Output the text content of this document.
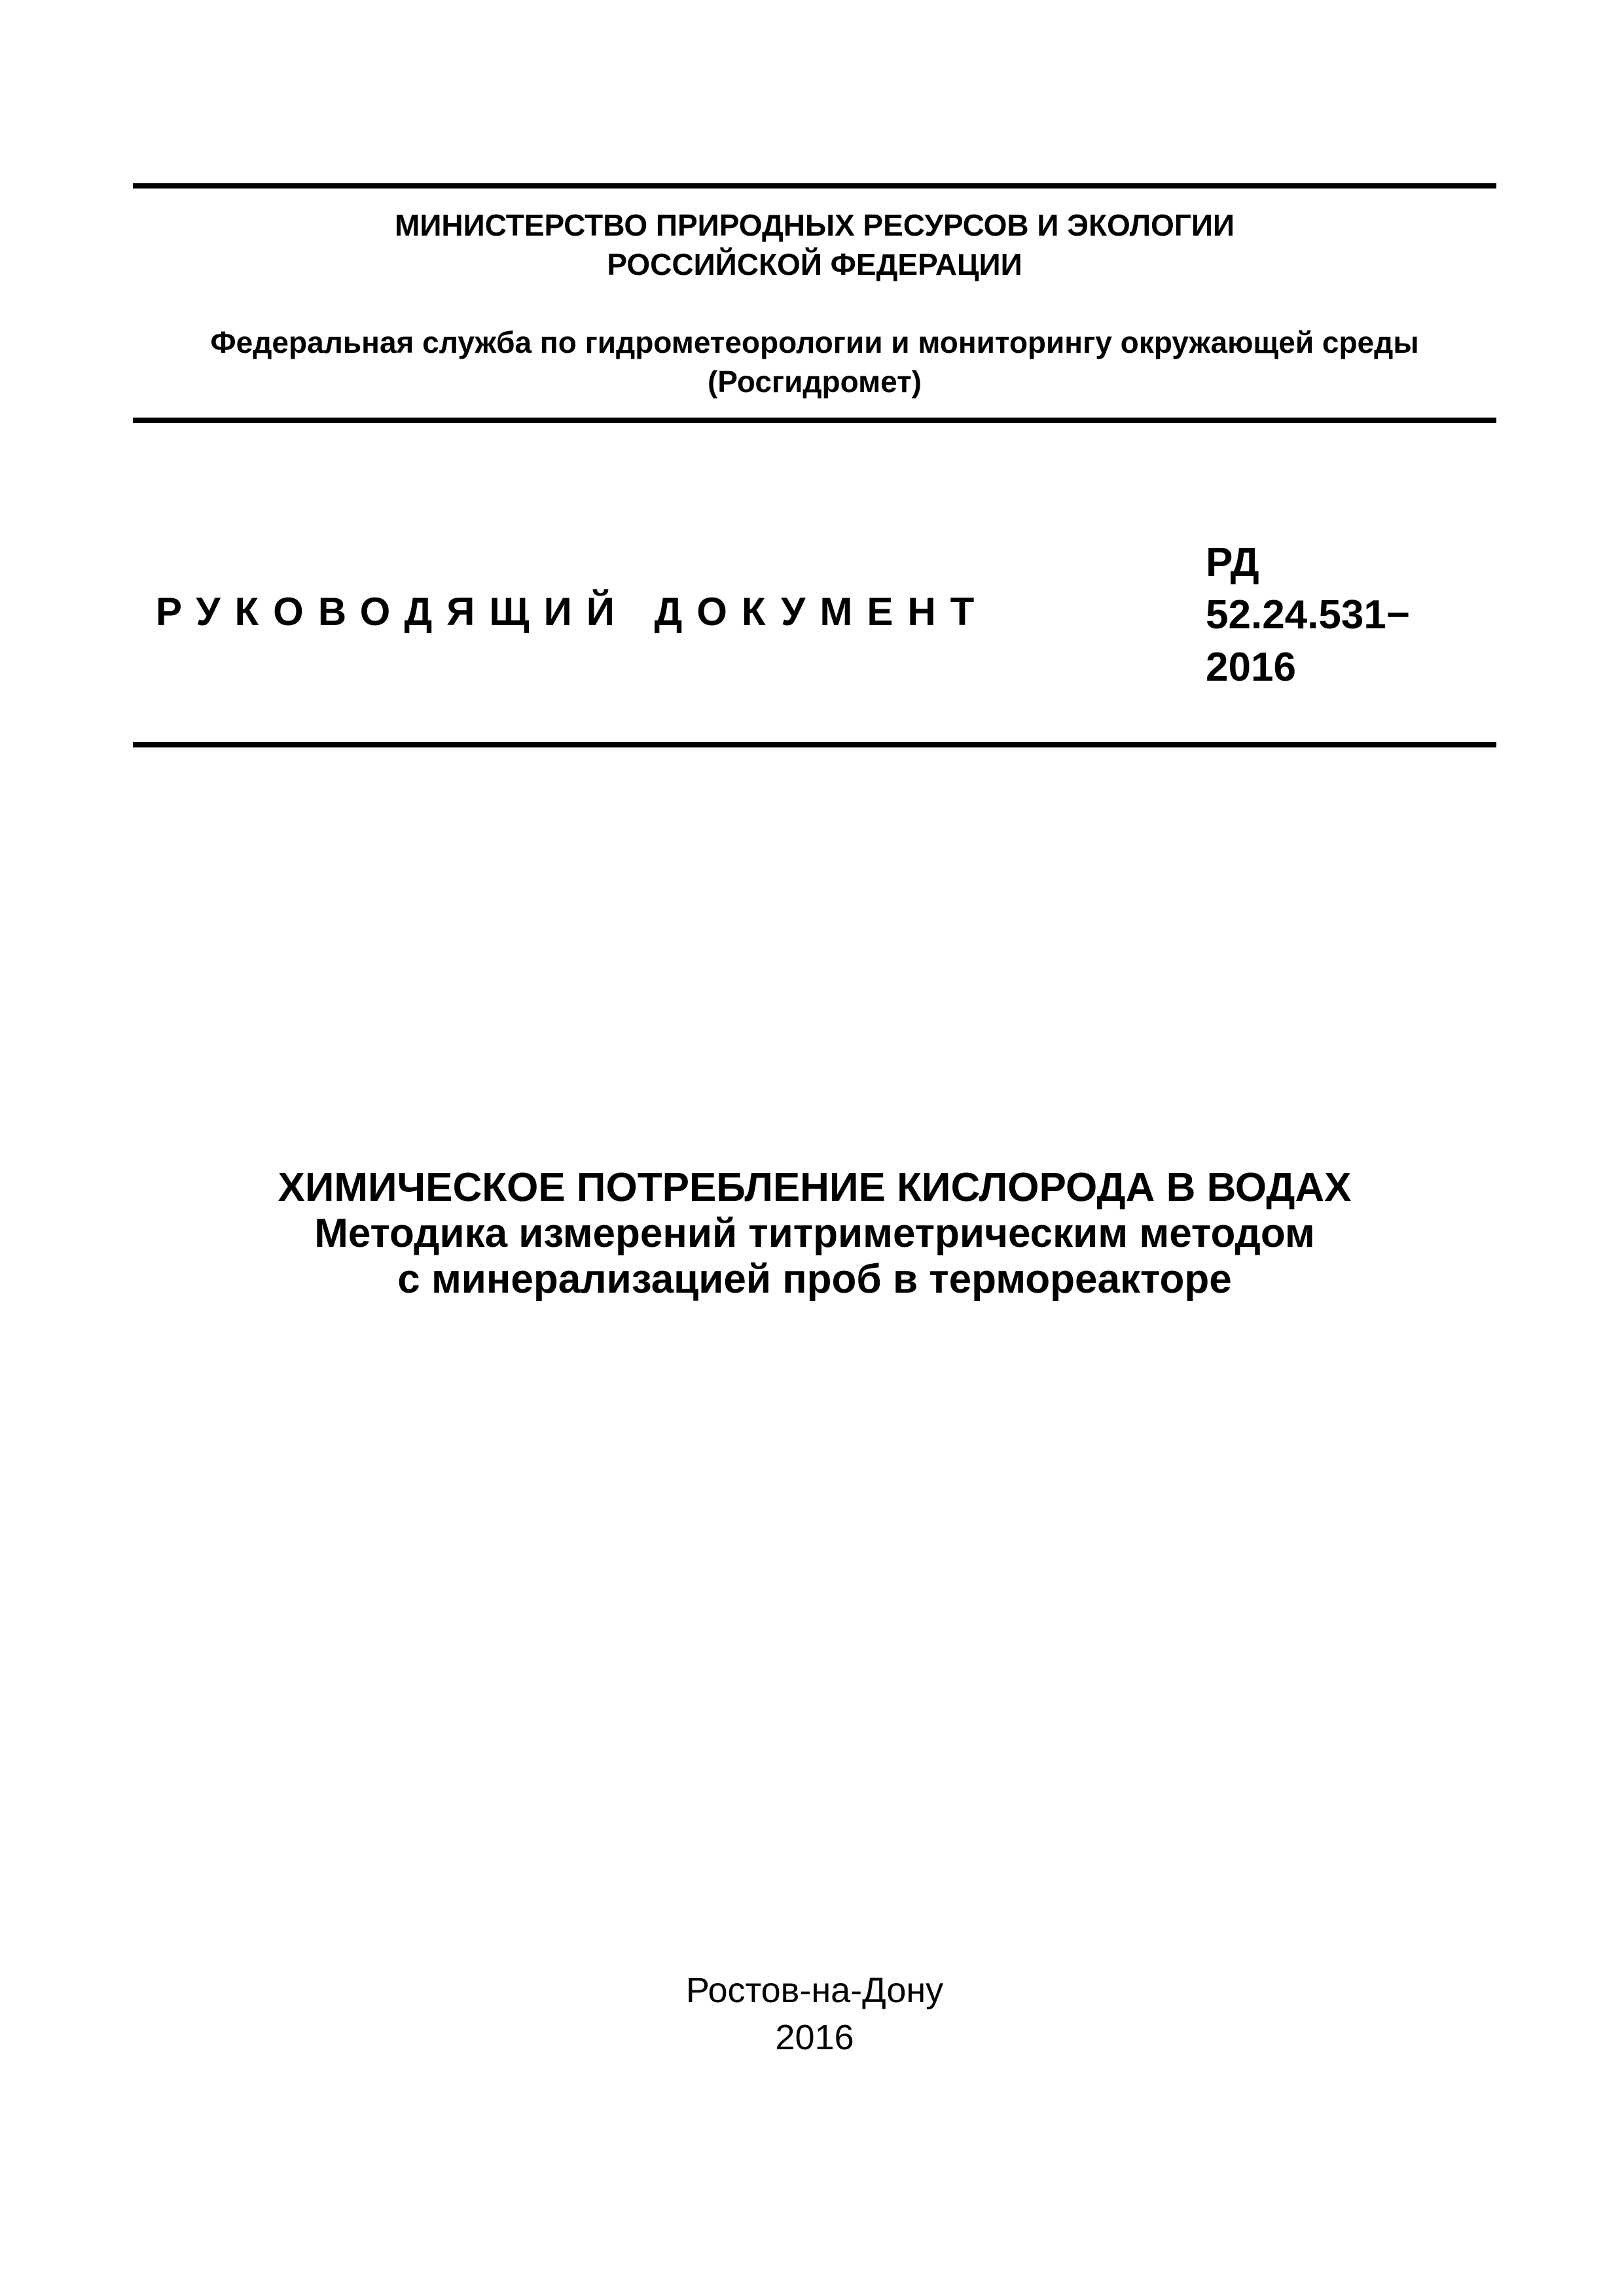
МИНИСТЕРСТВО ПРИРОДНЫХ РЕСУРСОВ И ЭКОЛОГИИ
РОССИЙСКОЙ ФЕДЕРАЦИИ
Федеральная служба по гидрометеорологии и мониторингу окружающей среды
(Росгидромет)
РУКОВОДЯЩИЙ ДОКУМЕНТ
РД
52.24.531−
2016
ХИМИЧЕСКОЕ ПОТРЕБЛЕНИЕ КИСЛОРОДА В ВОДАХ
Методика измерений титриметрическим методом
с минерализацией проб в термореакторе
Ростов-на-Дону
2016
